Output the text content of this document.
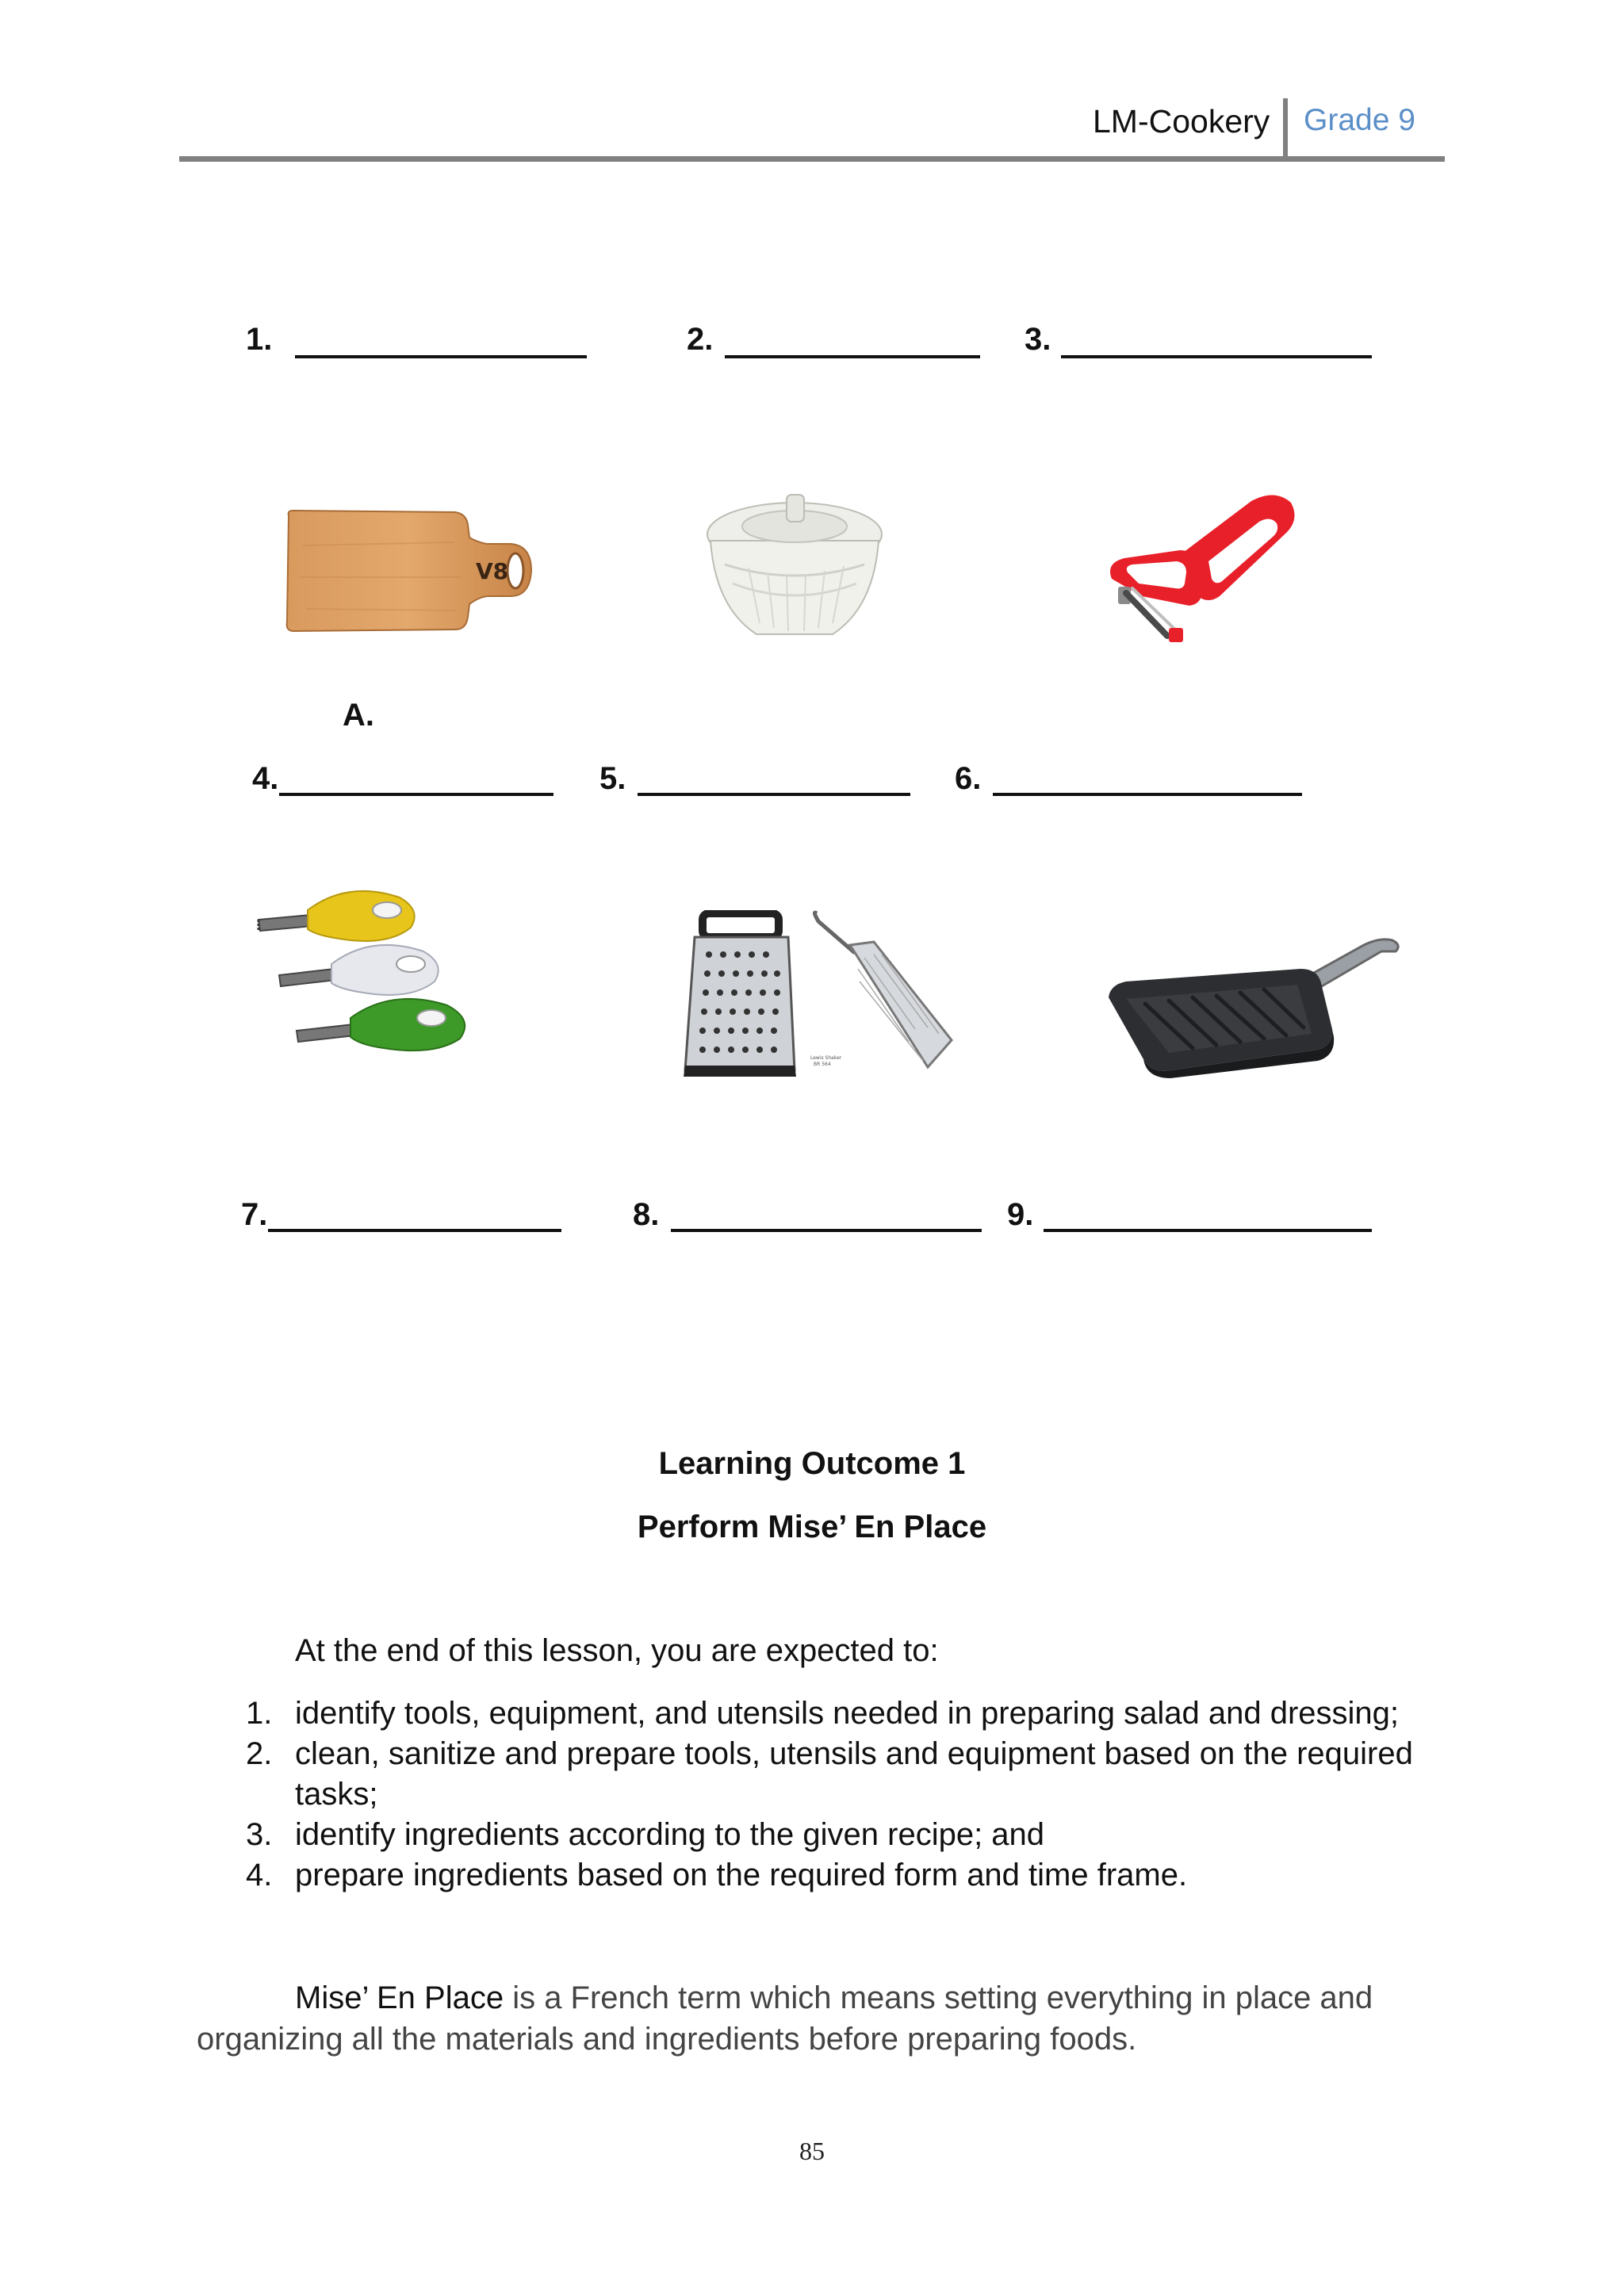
LM-Cookery Grade 9
1.	2.	3.
V8
A.
4.	5.	6.
Lewis Shaker
BR 564
7.	8.	9.
Learning Outcome 1
Perform Mise’ En Place
At the end of this lesson, you are expected to:
1. identify tools, equipment, and utensils needed in preparing salad and dressing;
2. clean, sanitize and prepare tools, utensils and equipment based on the required tasks;
3. identify ingredients according to the given recipe; and
4. prepare ingredients based on the required form and time frame.
Mise’ En Place is a French term which means setting everything in place and organizing all the materials and ingredients before preparing foods.
85
